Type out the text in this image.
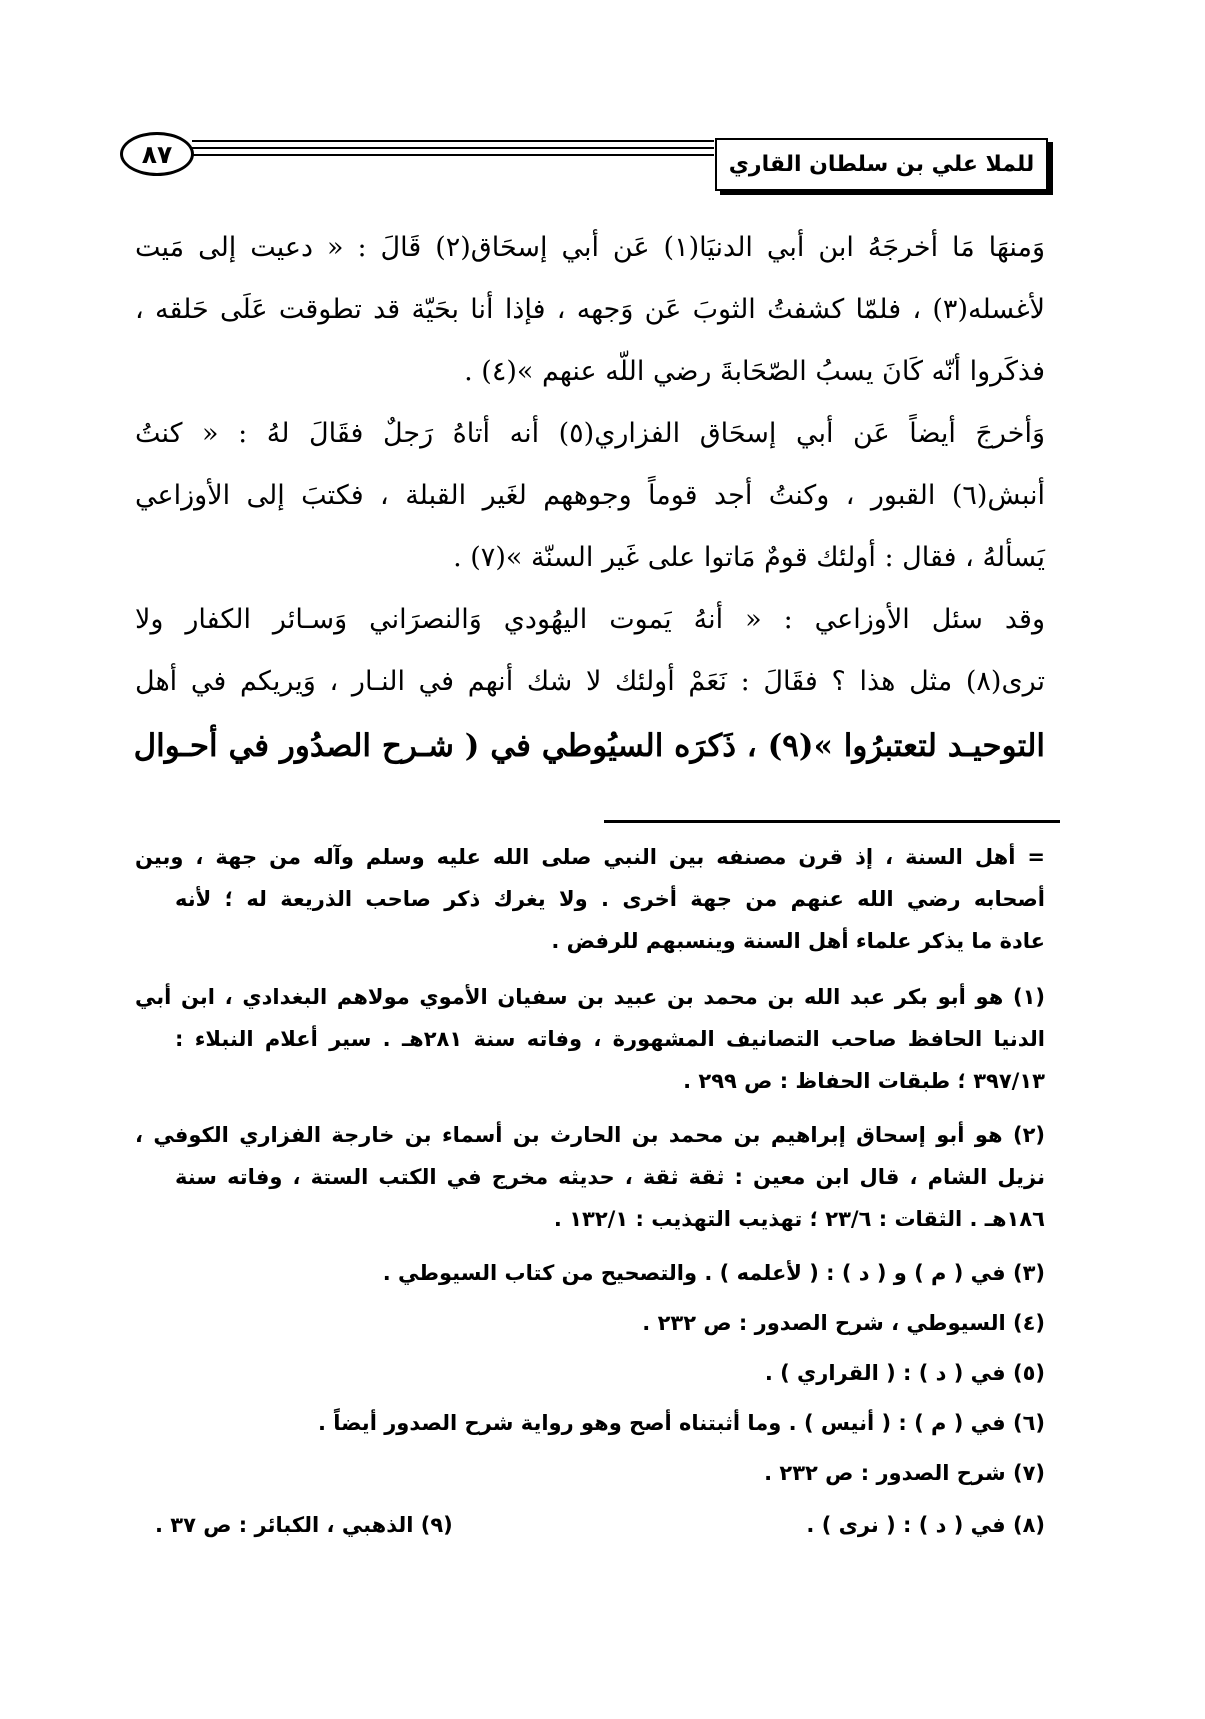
٨٧	للملا علي بن سلطان القاري
وَمنهَا مَا أخرجَهُ ابن أبي الدنيَا(١) عَن أبي إسحَاق(٢) قَالَ : « دعيت إلى مَيت
لأغسله(٣) ، فلمّا كشفتُ الثوبَ عَن وَجهه ، فإذا أنا بحَيّة قد تطوقت عَلَى حَلقه ،
فذكَروا أنّه كَانَ يسبُ الصّحَابةَ رضي اللّه عنهم »(٤) .
وَأخرجَ أيضاً عَن أبي إسحَاق الفزاري(٥) أنه أتاهُ رَجلٌ فقَالَ لهُ : « كنتُ
أنبش(٦) القبور ، وكنتُ أجد قوماً وجوههم لغَير القبلة ، فكتبَ إلى الأوزاعي
يَسألهُ ، فقال : أولئك قومٌ مَاتوا على غَير السنّة »(٧) .
وقد سئل الأوزاعي : « أنهُ يَموت اليهُودي وَالنصرَاني وَسـائر الكفار ولا
ترى(٨) مثل هذا ؟ فقَالَ : نَعَمْ أولئك لا شك أنهم في النـار ، وَيريكم في أهل
التوحيـد لتعتبرُوا »(٩) ، ذَكرَه السيُوطي في ( شـرح الصدُور في أحـوال
= أهل السنة ، إذ قرن مصنفه بين النبي صلى الله عليه وسلم وآله من جهة ، وبين
أصحابه رضي الله عنهم من جهة أخرى . ولا يغرك ذكر صاحب الذريعة له ؛ لأنه
عادة ما يذكر علماء أهل السنة وينسبهم للرفض .
(١) هو أبو بكر عبد الله بن محمد بن عبيد بن سفيان الأموي مولاهم البغدادي ، ابن أبي
الدنيا الحافظ صاحب التصانيف المشهورة ، وفاته سنة ٢٨١هـ . سير أعلام النبلاء :
٣٩٧/١٣ ؛ طبقات الحفاظ : ص ٢٩٩ .
(٢) هو أبو إسحاق إبراهيم بن محمد بن الحارث بن أسماء بن خارجة الفزاري الكوفي ،
نزيل الشام ، قال ابن معين : ثقة ثقة ، حديثه مخرج في الكتب الستة ، وفاته سنة
١٨٦هـ . الثقات : ٢٣/٦ ؛ تهذيب التهذيب : ١٣٢/١ .
(٣) في ( م ) و ( د ) : ( لأعلمه ) . والتصحيح من كتاب السيوطي .
(٤) السيوطي ، شرح الصدور : ص ٢٣٢ .
(٥) في ( د ) : ( القراري ) .
(٦) في ( م ) : ( أنيس ) . وما أثبتناه أصح وهو رواية شرح الصدور أيضاً .
(٧) شرح الصدور : ص ٢٣٢ .
(٨) في ( د ) : ( نرى ) .
(٩) الذهبي ، الكبائر : ص ٣٧ .
